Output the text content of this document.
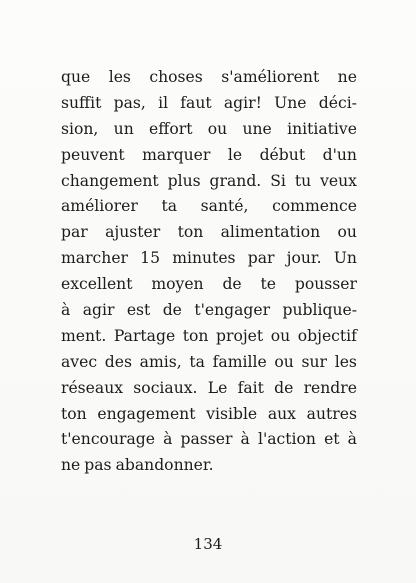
que les choses s'améliorent ne
suffit pas, il faut agir! Une déci-
sion, un effort ou une initiative
peuvent marquer le début d'un
changement plus grand. Si tu veux
améliorer ta santé, commence
par ajuster ton alimentation ou
marcher 15 minutes par jour. Un
excellent moyen de te pousser
à agir est de t'engager publique-
ment. Partage ton projet ou objectif
avec des amis, ta famille ou sur les
réseaux sociaux. Le fait de rendre
ton engagement visible aux autres
t'encourage à passer à l'action et à
ne pas abandonner.
134
